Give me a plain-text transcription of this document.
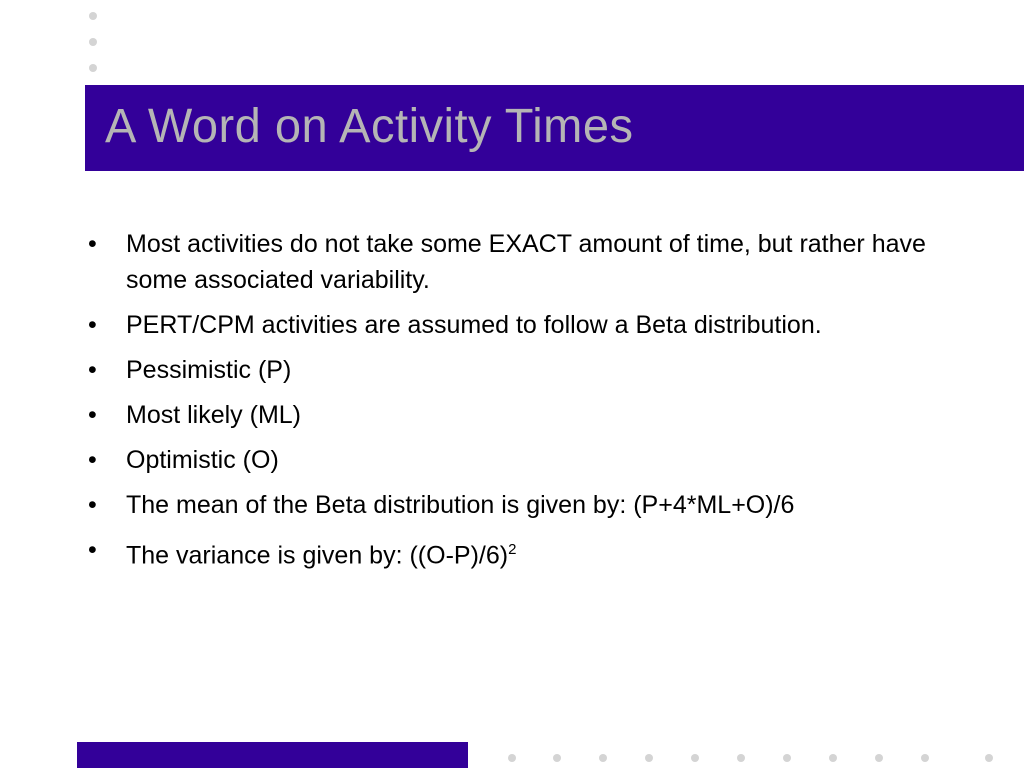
A Word on Activity Times
• Most activities do not take some EXACT amount of time, but rather have some associated variability.
• PERT/CPM activities are assumed to follow a Beta distribution.
• Pessimistic (P)
• Most likely (ML)
• Optimistic (O)
• The mean of the Beta distribution is given by: (P+4*ML+O)/6
• The variance is given by: $((O-P)/6)^2$
